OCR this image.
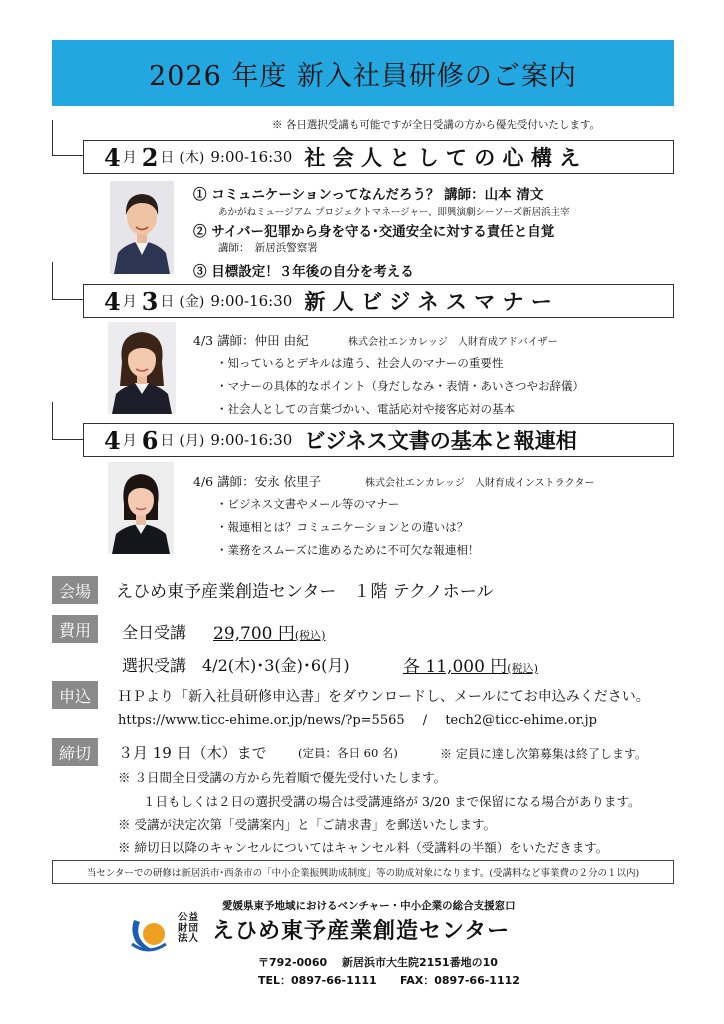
2026 年度 新入社員研修のご案内
※ 各日選択受講も可能ですが全日受講の方から優先受付いたします。
4 月 2 日 (木) 9:00-16:30 社 会 人 と し て の 心 構 え
① コミュニケーションってなんだろう？ 講師：山本 清文
あかがねミュージアム プロジェクトマネージャー、即興演劇シーソーズ新居浜主宰
② サイバー犯罪から身を守る･交通安全に対する責任と自覚
講師：　新居浜警察署
③ 目標設定！３年後の自分を考える
4 月 3 日 (金) 9:00-16:30 新 人 ビ ジ ネ ス マ ナ ー
4/3 講師：仲田 由紀	株式会社エンカレッジ　人財育成アドバイザー
・知っているとデキルは違う、社会人のマナーの重要性
・マナーの具体的なポイント（身だしなみ・表情・あいさつやお辞儀）
・社会人としての言葉づかい、電話応対や接客応対の基本
4 月 6 日 (月) 9:00-16:30 ビジネス文書の基本と報連相
4/6 講師：安永 依里子	株式会社エンカレッジ　人財育成インストラクター
・ビジネス文書やメール等のマナー
・報連相とは？コミュニケーションとの違いは？
・業務をスムーズに進めるために不可欠な報連相！
会場	えひめ東予産業創造センター　１階 テクノホール
費用	全日受講 29,700 円(税込)
選択受講　4/2(木)･3(金)･6(月)	各 11,000 円(税込)
申込	ＨＰより「新入社員研修申込書」をダウンロードし、メールにてお申込みください。
https://www.ticc-ehime.or.jp/news/?p=5565 / tech2@ticc-ehime.or.jp
締切	３月 19 日（木）まで	(定員：各日 60 名)	※ 定員に達し次第募集は終了します。
※ ３日間全日受講の方から先着順で優先受付いたします。
１日もしくは２日の選択受講の場合は受講連絡が 3/20 まで保留になる場合があります。
※ 受講が決定次第「受講案内」と「ご請求書」を郵送いたします。
※ 締切日以降のキャンセルについてはキャンセル料（受講料の半額）をいただきます。
当センターでの研修は新居浜市･西条市の「中小企業振興助成制度」等の助成対象になります。(受講料など事業費の２分の１以内)
愛媛県東予地域におけるベンチャー・中小企業の総合支援窓口
公益財団法人 えひめ東予産業創造センター
〒792-0060　 新居浜市大生院2151番地の10
TEL：0897-66-1111 FAX：0897-66-1112
